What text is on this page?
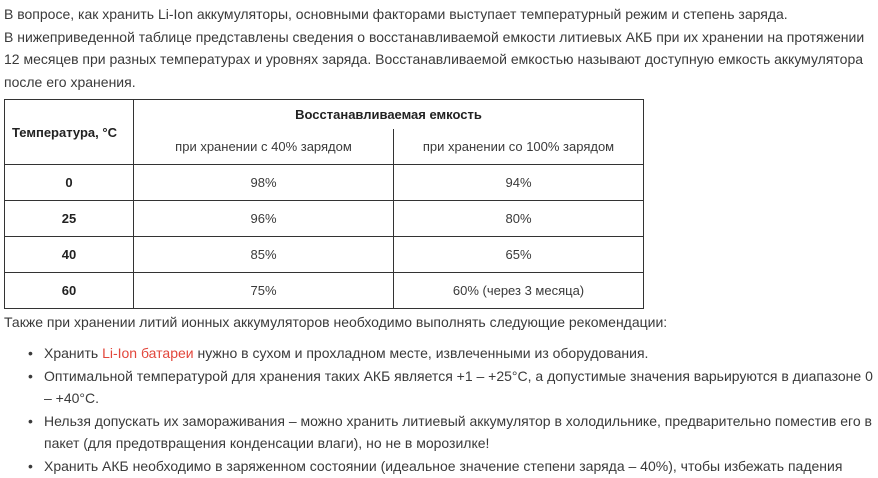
В вопросе, как хранить Li-Ion аккумуляторы, основными факторами выступает температурный режим и степень заряда.
В нижеприведенной таблице представлены сведения о восстанавливаемой емкости литиевых АКБ при их хранении на протяжении 12 месяцев при разных температурах и уровнях заряда. Восстанавливаемой емкостью называют доступную емкость аккумулятора после его хранения.

Температура, °C	Восстанавливаемая емкость	
	при хранении с 40% зарядом	при хранении со 100% зарядом
0	98%	94%
25	96%	80%
40	85%	65%
60	75%	60% (через 3 месяца)

Также при хранении литий ионных аккумуляторов необходимо выполнять следующие рекомендации:

• Хранить Li-Ion батареи нужно в сухом и прохладном месте, извлеченными из оборудования.
• Оптимальной температурой для хранения таких АКБ является +1 – +25°C, а допустимые значения варьируются в диапазоне 0 – +40°C.
• Нельзя допускать их замораживания – можно хранить литиевый аккумулятор в холодильнике, предварительно поместив его в пакет (для предотвращения конденсации влаги), но не в морозилке!
• Хранить АКБ необходимо в заряженном состоянии (идеальное значение степени заряда – 40%), чтобы избежать падения
